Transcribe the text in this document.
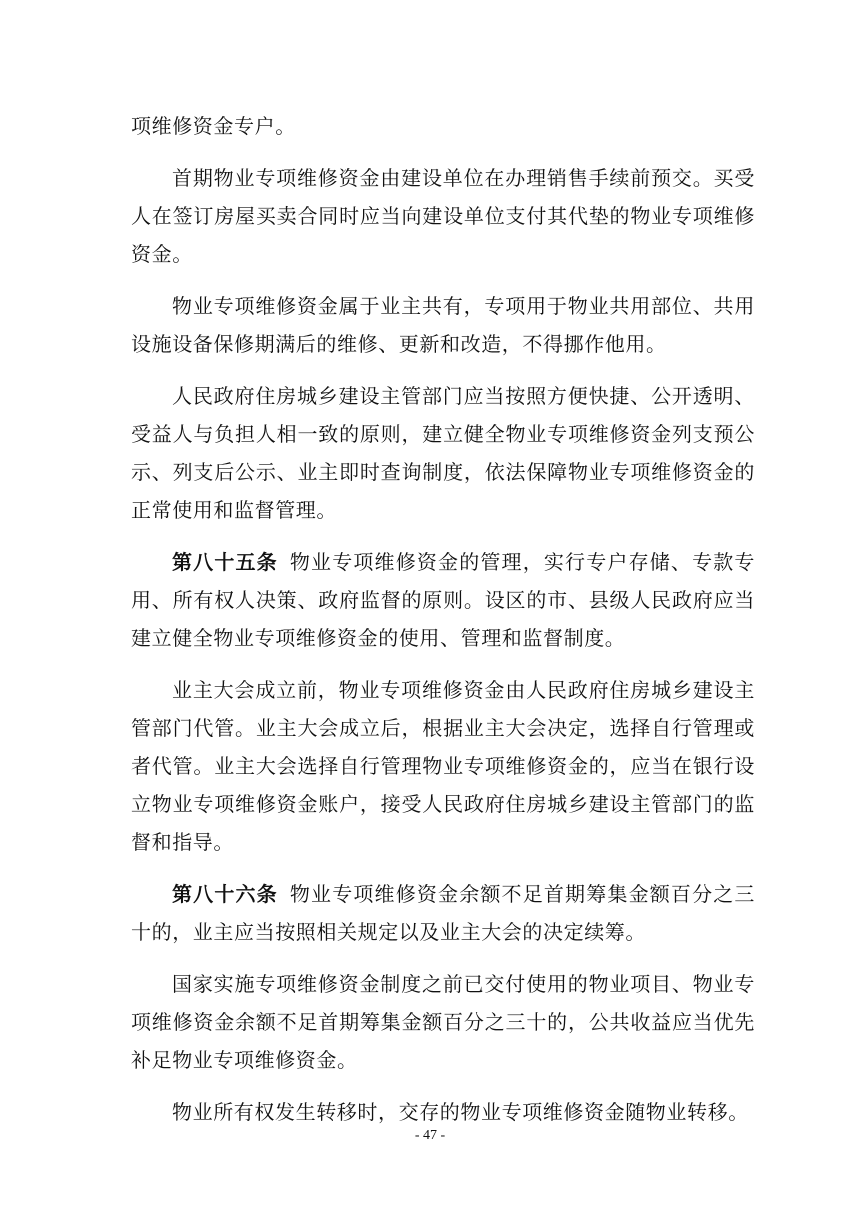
项维修资金专户。

首期物业专项维修资金由建设单位在办理销售手续前预交。买受人在签订房屋买卖合同时应当向建设单位支付其代垫的物业专项维修资金。

物业专项维修资金属于业主共有，专项用于物业共用部位、共用设施设备保修期满后的维修、更新和改造，不得挪作他用。

人民政府住房城乡建设主管部门应当按照方便快捷、公开透明、受益人与负担人相一致的原则，建立健全物业专项维修资金列支预公示、列支后公示、业主即时查询制度，依法保障物业专项维修资金的正常使用和监督管理。

第八十五条 物业专项维修资金的管理，实行专户存储、专款专用、所有权人决策、政府监督的原则。设区的市、县级人民政府应当建立健全物业专项维修资金的使用、管理和监督制度。

业主大会成立前，物业专项维修资金由人民政府住房城乡建设主管部门代管。业主大会成立后，根据业主大会决定，选择自行管理或者代管。业主大会选择自行管理物业专项维修资金的，应当在银行设立物业专项维修资金账户，接受人民政府住房城乡建设主管部门的监督和指导。

第八十六条 物业专项维修资金余额不足首期筹集金额百分之三十的，业主应当按照相关规定以及业主大会的决定续筹。

国家实施专项维修资金制度之前已交付使用的物业项目、物业专项维修资金余额不足首期筹集金额百分之三十的，公共收益应当优先补足物业专项维修资金。

物业所有权发生转移时，交存的物业专项维修资金随物业转移。

- 47 -
